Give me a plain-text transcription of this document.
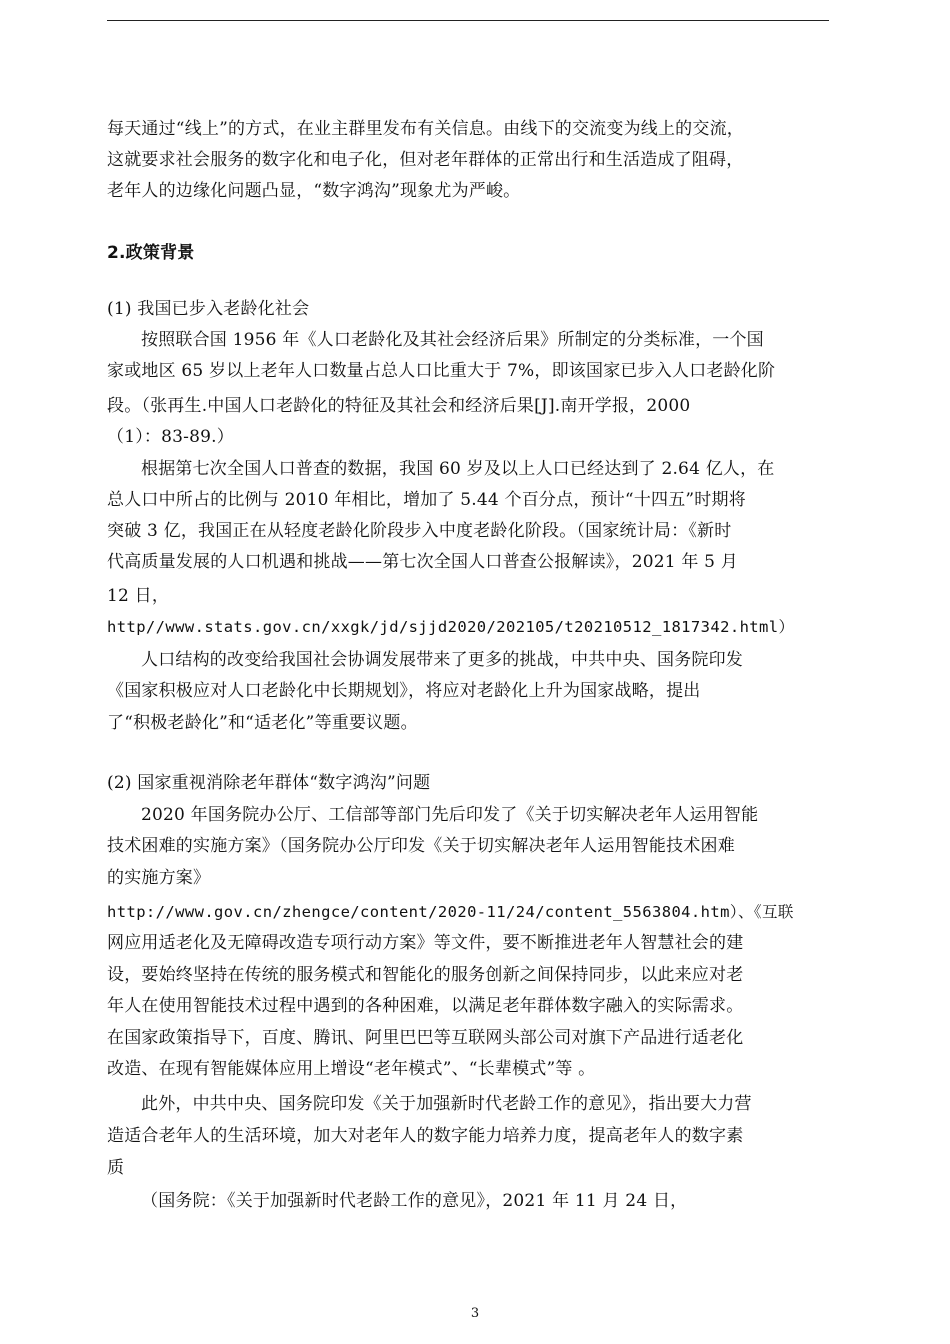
每天通过“线上”的方式，在业主群里发布有关信息。由线下的交流变为线上的交流，
这就要求社会服务的数字化和电子化，但对老年群体的正常出行和生活造成了阻碍，
老年人的边缘化问题凸显，“数字鸿沟”现象尤为严峻。
2.政策背景
(1) 我国已步入老龄化社会
按照联合国 1956 年《人口老龄化及其社会经济后果》所制定的分类标准，一个国
家或地区 65 岁以上老年人口数量占总人口比重大于 7%，即该国家已步入人口老龄化阶
段。（张再生.中国人口老龄化的特征及其社会和经济后果[J].南开学报，2000
（1）：83-89.）
根据第七次全国人口普查的数据，我国 60 岁及以上人口已经达到了 2.64 亿人，在
总人口中所占的比例与 2010 年相比，增加了 5.44 个百分点，预计“十四五”时期将
突破 3 亿，我国正在从轻度老龄化阶段步入中度老龄化阶段。（国家统计局：《新时
代高质量发展的人口机遇和挑战——第七次全国人口普查公报解读》，2021 年 5 月
12 日，
http//www.stats.gov.cn/xxgk/jd/sjjd2020/202105/t20210512_1817342.html）
人口结构的改变给我国社会协调发展带来了更多的挑战，中共中央、国务院印发
《国家积极应对人口老龄化中长期规划》，将应对老龄化上升为国家战略，提出
了“积极老龄化”和“适老化”等重要议题。
(2) 国家重视消除老年群体“数字鸿沟”问题
2020 年国务院办公厅、工信部等部门先后印发了《关于切实解决老年人运用智能
技术困难的实施方案》（国务院办公厅印发《关于切实解决老年人运用智能技术困难
的实施方案》
http://www.gov.cn/zhengce/content/2020-11/24/content_5563804.htm）、《互联
网应用适老化及无障碍改造专项行动方案》等文件，要不断推进老年人智慧社会的建
设，要始终坚持在传统的服务模式和智能化的服务创新之间保持同步，以此来应对老
年人在使用智能技术过程中遇到的各种困难，以满足老年群体数字融入的实际需求。
在国家政策指导下，百度、腾讯、阿里巴巴等互联网头部公司对旗下产品进行适老化
改造、在现有智能媒体应用上增设“老年模式”、“长辈模式”等 。
此外，中共中央、国务院印发《关于加强新时代老龄工作的意见》，指出要大力营
造适合老年人的生活环境，加大对老年人的数字能力培养力度，提高老年人的数字素
质
（国务院：《关于加强新时代老龄工作的意见》，2021 年 11 月 24 日，
3
